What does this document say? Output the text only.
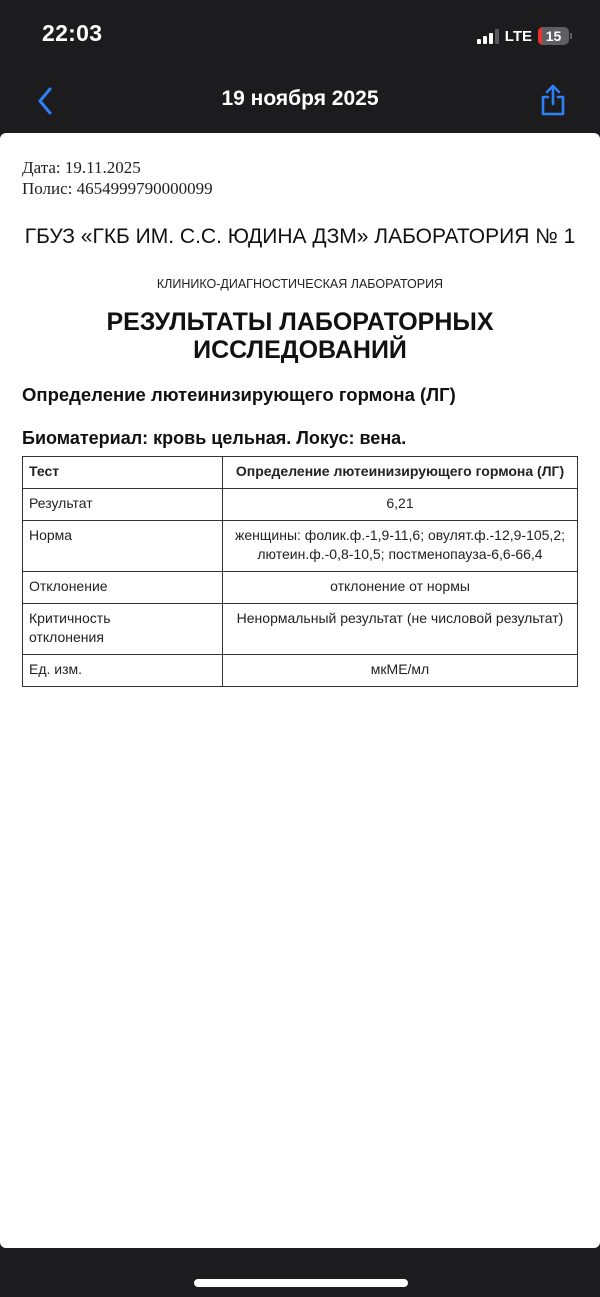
22:03	LTE 15
19 ноября 2025
Дата: 19.11.2025
Полис: 4654999790000099
ГБУЗ «ГКБ ИМ. С.С. ЮДИНА ДЗМ» ЛАБОРАТОРИЯ № 1
КЛИНИКО-ДИАГНОСТИЧЕСКАЯ ЛАБОРАТОРИЯ
РЕЗУЛЬТАТЫ ЛАБОРАТОРНЫХ ИССЛЕДОВАНИЙ
Определение лютеинизирующего гормона (ЛГ)
Биоматериал: кровь цельная. Локус: вена.
Тест	Определение лютеинизирующего гормона (ЛГ)
Результат	6,21
Норма	женщины: фолик.ф.-1,9-11,6; овулят.ф.-12,9-105,2; лютеин.ф.-0,8-10,5; постменопауза-6,6-66,4
Отклонение	отклонение от нормы
Критичность отклонения	Ненормальный результат (не числовой результат)
Ед. изм.	мкМЕ/мл
